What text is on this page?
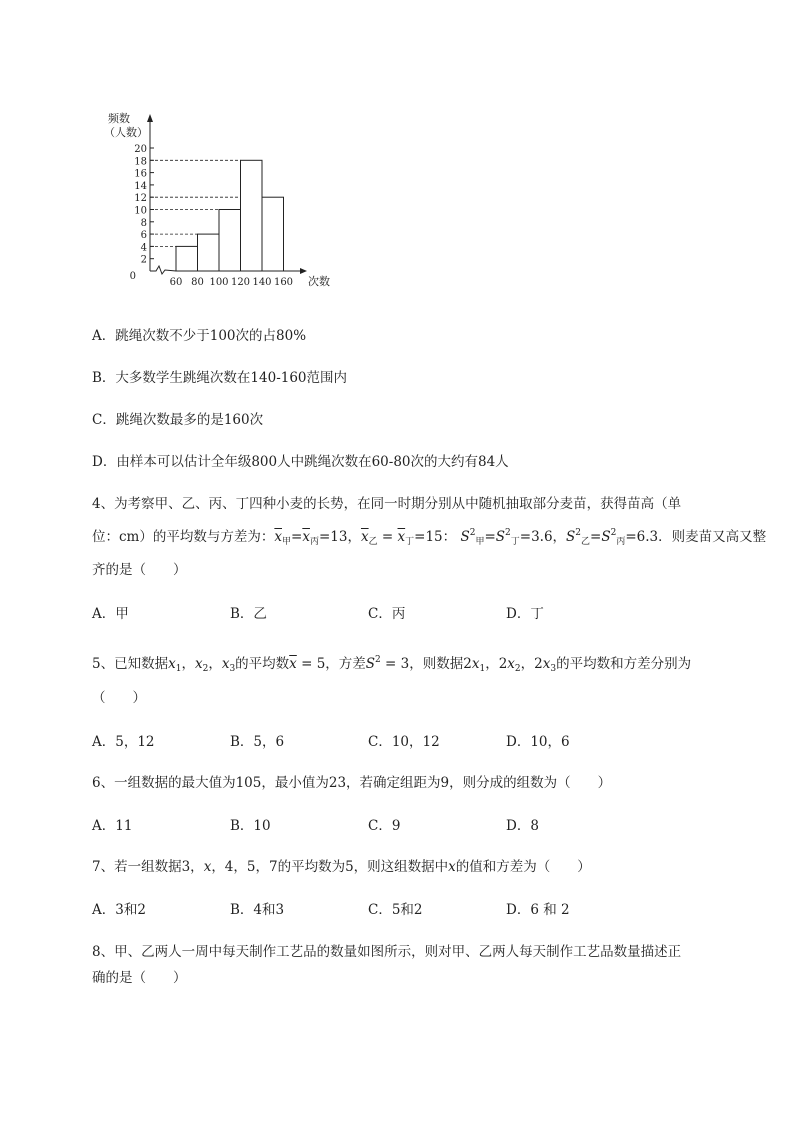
0
2
4
6
8
10
12
14
16
18
20
60 80 100 120 140 160
频数
（人数）
次数
A．跳绳次数不少于100次的占80%
B．大多数学生跳绳次数在140-160范围内
C．跳绳次数最多的是160次
D．由样本可以估计全年级800人中跳绳次数在60-80次的大约有84人
4、为考察甲、乙、丙、丁四种小麦的长势，在同一时期分别从中随机抽取部分麦苗，获得苗高（单
位：cm）的平均数与方差为：$\overline{x}_甲=\overline{x}_丙=13$，$\overline{x}_乙 = \overline{x}_丁=15$： $S^2_甲=S^2_丁=3.6$，$S^2_乙=S^2_丙=6.3$．则麦苗又高又整
齐的是（　　）
A．甲	B．乙	C．丙	D．丁
5、已知数据$x_1$，$x_2$，$x_3$的平均数$\overline{x} = 5$，方差$S^2 = 3$，则数据$2x_1$，$2x_2$，$2x_3$的平均数和方差分别为
（　　）
A．5，12	B．5，6	C．10，12	D．10，6
6、一组数据的最大值为105，最小值为23，若确定组距为9，则分成的组数为（　　）
A．11	B．10	C．9	D．8
7、若一组数据3，x，4，5，7的平均数为5，则这组数据中x的值和方差为（　　）
A．3和2	B．4和3	C．5和2	D．6 和 2
8、甲、乙两人一周中每天制作工艺品的数量如图所示，则对甲、乙两人每天制作工艺品数量描述正
确的是（　　）
